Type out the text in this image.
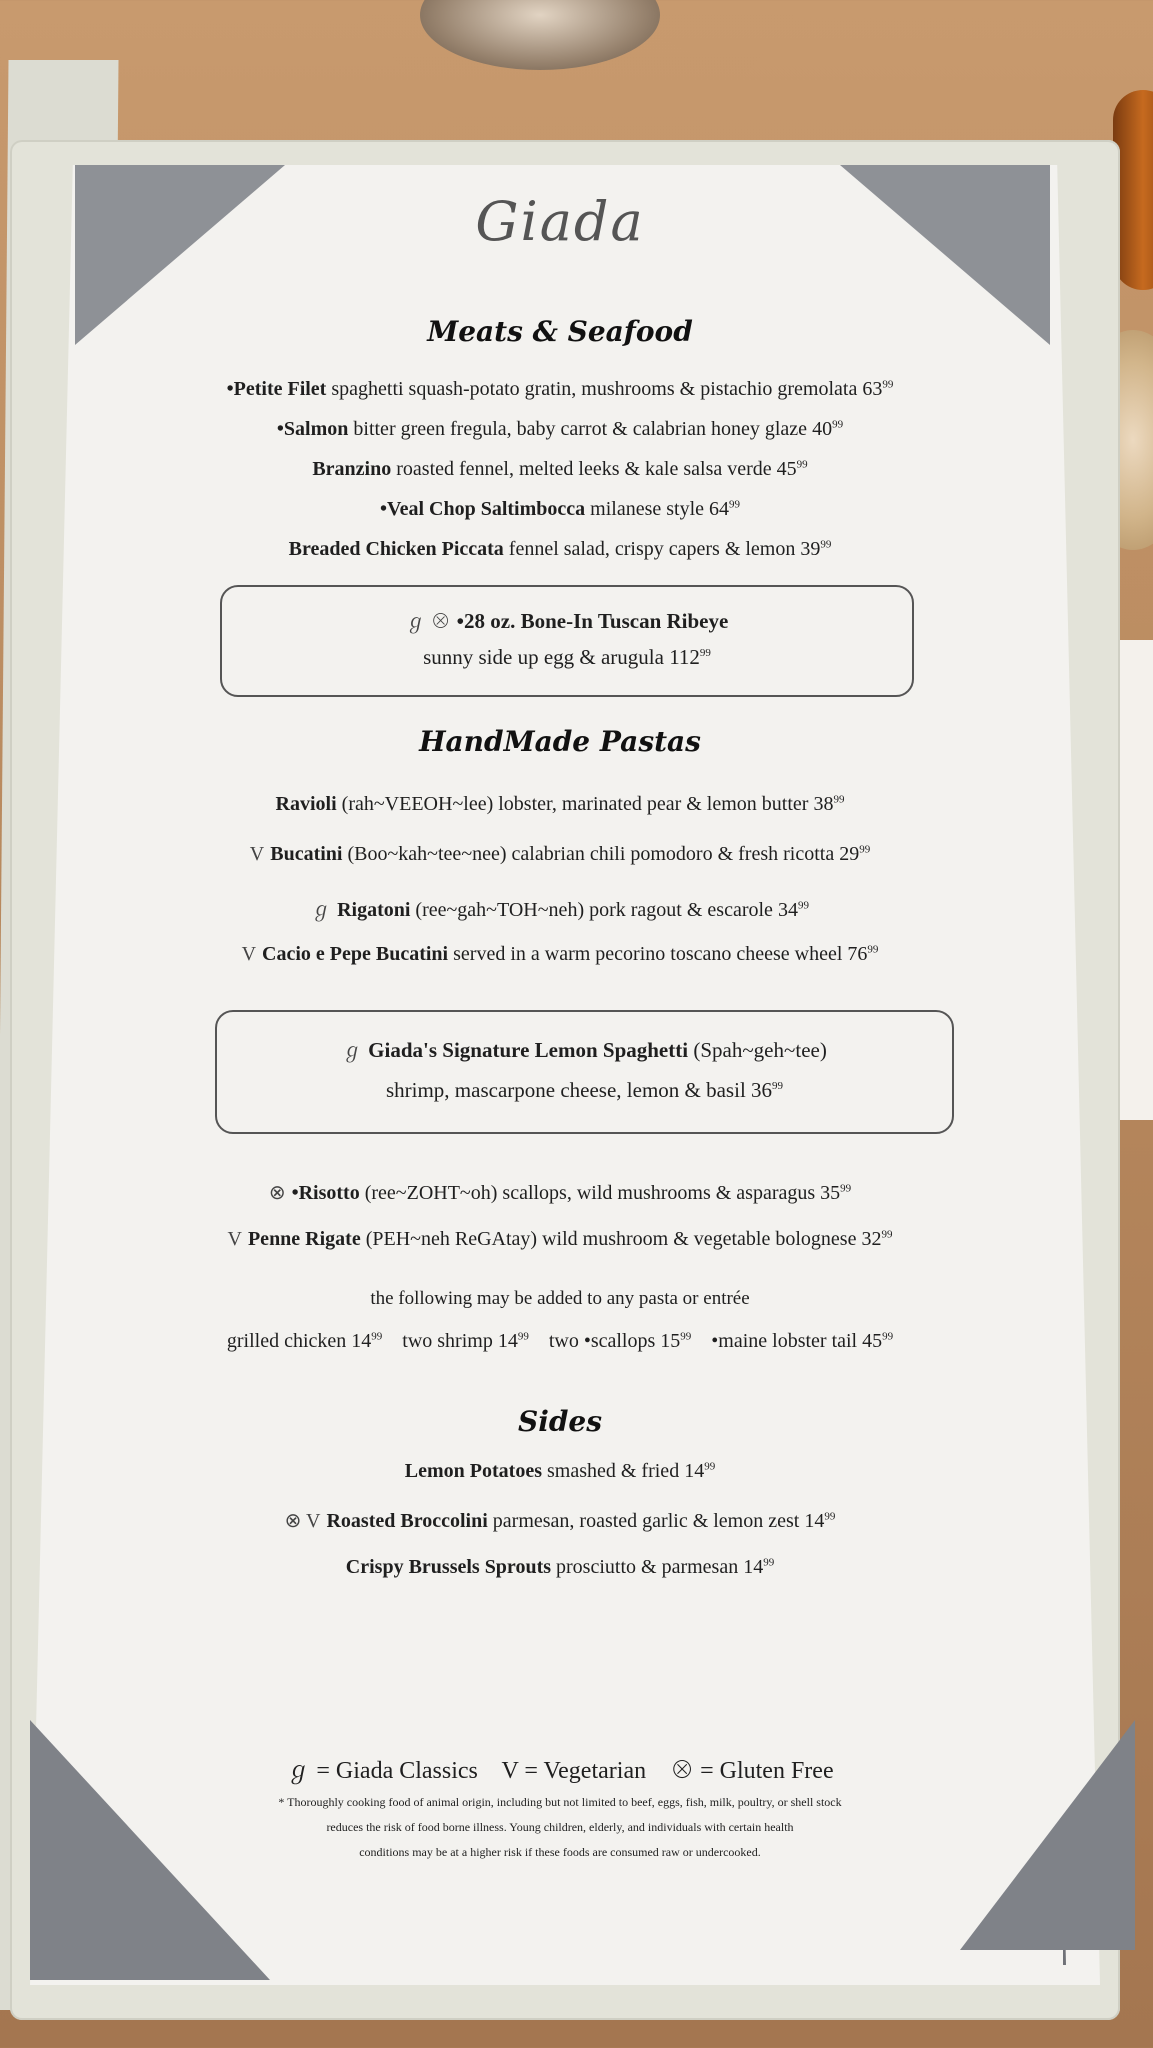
Giada
Meats & Seafood
•Petite Filet spaghetti squash-potato gratin, mushrooms & pistachio gremolata $63^{99}$
•Salmon bitter green fregula, baby carrot & calabrian honey glaze $40^{99}$
Branzino roasted fennel, melted leeks & kale salsa verde $45^{99}$
•Veal Chop Saltimbocca milanese style $64^{99}$
Breaded Chicken Piccata fennel salad, crispy capers & lemon $39^{99}$
ℊ ⊗ •28 oz. Bone-In Tuscan Ribeye
sunny side up egg & arugula $112^{99}$
HandMade Pastas
Ravioli (rah~VEEOH~lee) lobster, marinated pear & lemon butter $38^{99}$
V Bucatini (Boo~kah~tee~nee) calabrian chili pomodoro & fresh ricotta $29^{99}$
ℊ Rigatoni (ree~gah~TOH~neh) pork ragout & escarole $34^{99}$
V Cacio e Pepe Bucatini served in a warm pecorino toscano cheese wheel $76^{99}$
ℊ Giada's Signature Lemon Spaghetti (Spah~geh~tee)
shrimp, mascarpone cheese, lemon & basil $36^{99}$
⊗ •Risotto (ree~ZOHT~oh) scallops, wild mushrooms & asparagus $35^{99}$
V Penne Rigate (PEH~neh ReGAtay) wild mushroom & vegetable bolognese $32^{99}$
the following may be added to any pasta or entrée
grilled chicken $14^{99}$ two shrimp $14^{99}$ two •scallops $15^{99}$ •maine lobster tail $45^{99}$
Sides
Lemon Potatoes smashed & fried $14^{99}$
⊗ V Roasted Broccolini parmesan, roasted garlic & lemon zest $14^{99}$
Crispy Brussels Sprouts prosciutto & parmesan $14^{99}$
ℊ = Giada Classics V = Vegetarian ⊗ = Gluten Free
* Thoroughly cooking food of animal origin, including but not limited to beef, eggs, fish, milk, poultry, or shell stock
reduces the risk of food borne illness. Young children, elderly, and individuals with certain health
conditions may be at a higher risk if these foods are consumed raw or undercooked.
